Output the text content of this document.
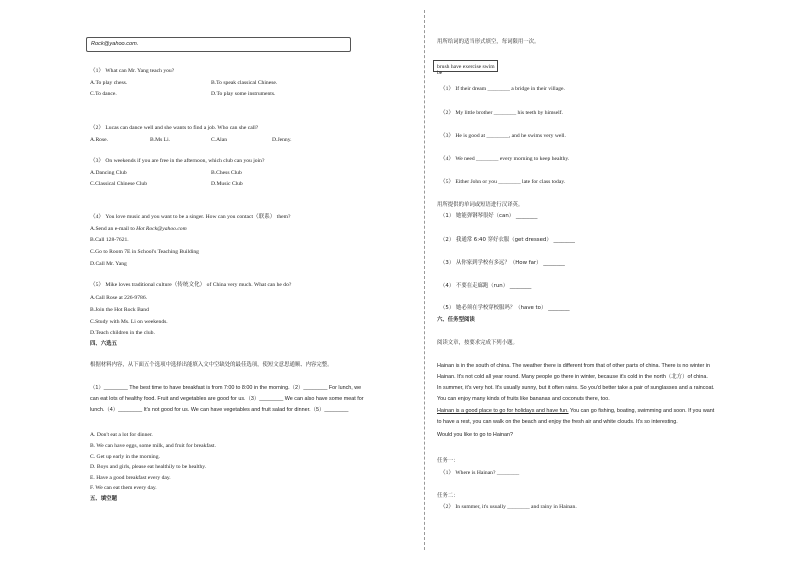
Rock@yahoo.com.
（1） What can Mr. Yang teach you?
A.To play chess.	B.To speak classical Chinese.
C.To dance.	D.To play some instruments.
（2） Lucas can dance well and she wants to find a job. Who can she call?
A.Rose.	B.Ms Li.	C.Alan	D.Jenny.
（3） On weekends if you are free in the afternoon, which club can you join?
A.Dancing Club	B.Chess Club
C.Classical Chinese Club	D.Music Club
（4） You love music and you want to be a singer. How can you contact（联系） them?
A.Send an e-mail to Hot Rock@yahoo.com
B.Call 128-7621.
C.Go to Room 7E in School's Teaching Building
D.Call Mr. Yang
（5） Mike loves traditional culture（传统文化） of China very much. What can he do?
A.Call Rose at 226-9786.
B.Join the Hot Rock Band
C.Study with Ms. Li on weekends.
D.Teach children in the club.
四、六选五
根据材料内容，从下面五个选项中选择出能填入文中空缺处的最佳选项，使短文意思通顺、内容完整。
（1）________ The best time to have breakfast is from 7:00 to 8:00 in the morning.（2）________ For lunch, we
can eat lots of healthy food. Fruit and vegetables are good for us.（3）________ We can also have some meat for
lunch.（4）________ It's not good for us. We can have vegetables and fruit salad for dinner.（5）________
A. Don't eat a lot for dinner.
B. We can have eggs, some milk, and fruit for breakfast.
C. Get up early in the morning.
D. Boys and girls, please eat healthily to be healthy.
E. Have a good breakfast every day.
F. We can eat them every day.
五、填空题
用所给词的适当形式填空，每词限用一次。
brush have exercise swim be
（1） If their dream ________ a bridge in their village.
（2） My little brother ________ his teeth by himself.
（3） He is good at ________, and he swims very well.
（4） We need ________ every morning to keep healthy.
（5） Either John or you ________ late for class today.
用所提供的单词或短语进行汉译英。
（1） 她能弹钢琴很好（can） ________
（2） 我通常 6:40 穿好衣服（get dressed） ________
（3） 从你家到学校有多远？（How far） ________
（4） 不要在走廊跑（run） ________
（5） 她必须在学校穿校服吗？（have to） ________
六、任务型阅读
阅读文章，按要求完成下列小题。
Hainan is in the south of china. The weather there is different from that of other parts of china. There is no winter in
Hainan. It's not cold all year round. Many people go there in winter, because it's cold in the north（北方）of china.
In summer, it's very hot. It's usually sunny, but it often rains. So you'd better take a pair of sunglasses and a raincoat.
You can enjoy many kinds of fruits like bananas and coconuts there, too.
Hainan is a good place to go for holidays and have fun. You can go fishing, boating, swimming and soon. If you want
to have a rest, you can walk on the beach and enjoy the fresh air and white clouds. It's so interesting.
Would you like to go to Hainan?
任务一：
（1） Where is Hainan? ________
任务二：
（2） In summer, it's usually ________ and rainy in Hainan.
